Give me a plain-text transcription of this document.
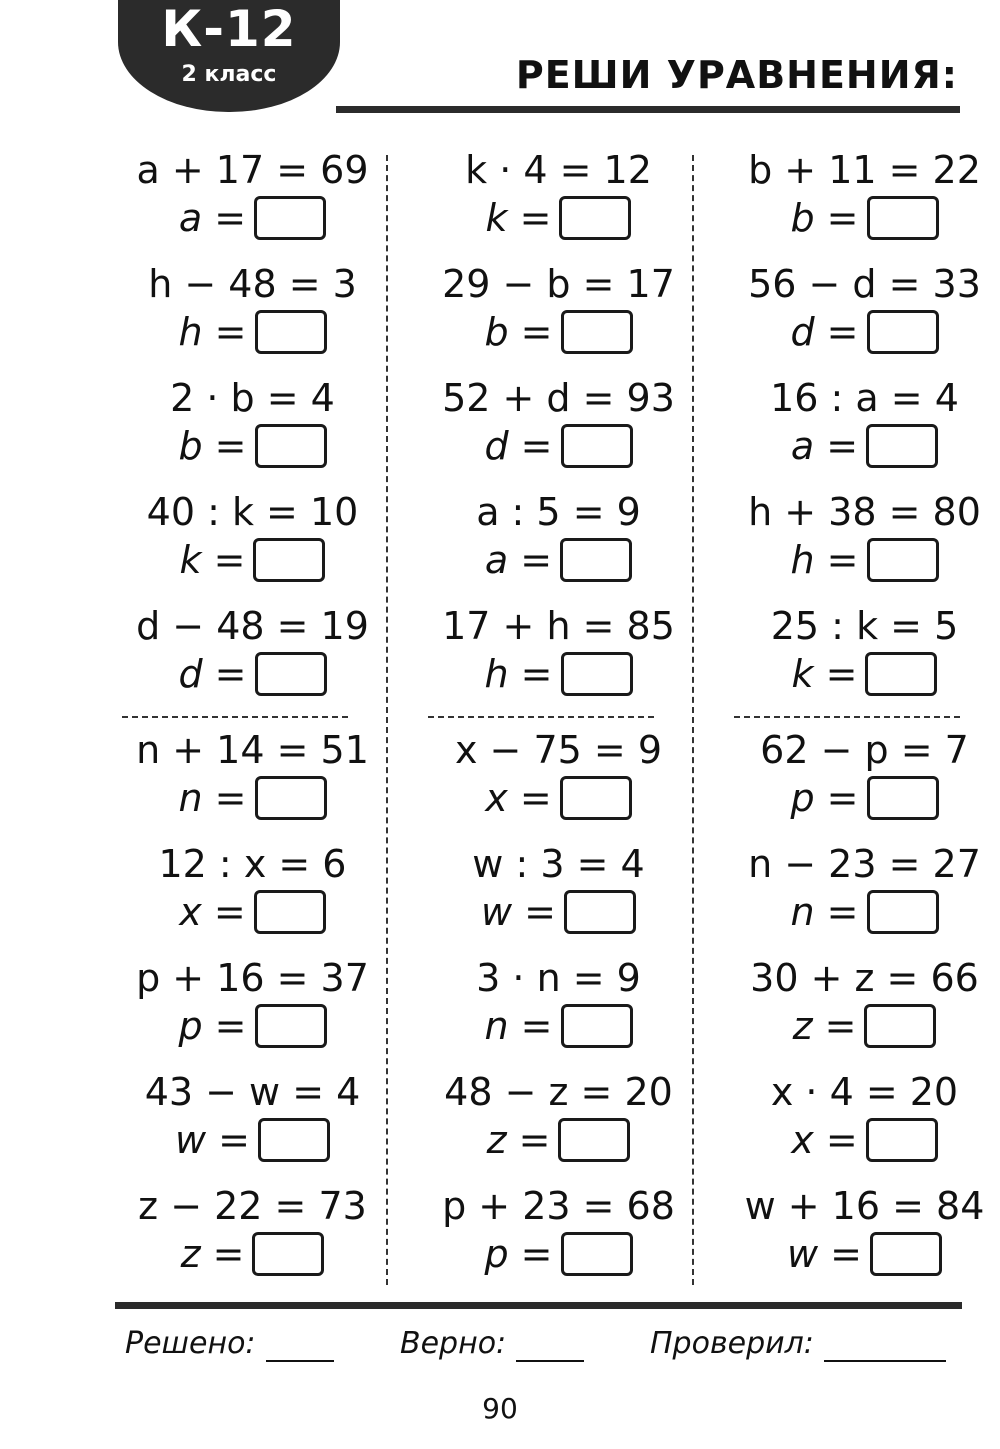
К-12
2 класс	РЕШИ УРАВНЕНИЯ:
a + 17 = 69
a =
h − 48 = 3
h =
2 · b = 4
b =
40 : k = 10
k =
d − 48 = 19
d =
n + 14 = 51
n =
12 : x = 6
x =
p + 16 = 37
p =
43 − w = 4
w =
z − 22 = 73
z =
k · 4 = 12
k =
29 − b = 17
b =
52 + d = 93
d =
a : 5 = 9
a =
17 + h = 85
h =
x − 75 = 9
x =
w : 3 = 4
w =
3 · n = 9
n =
48 − z = 20
z =
p + 23 = 68
p =
b + 11 = 22
b =
56 − d = 33
d =
16 : a = 4
a =
h + 38 = 80
h =
25 : k = 5
k =
62 − p = 7
p =
n − 23 = 27
n =
30 + z = 66
z =
x · 4 = 20
x =
w + 16 = 84
w =
Решено:	Верно:	Проверил:
90
